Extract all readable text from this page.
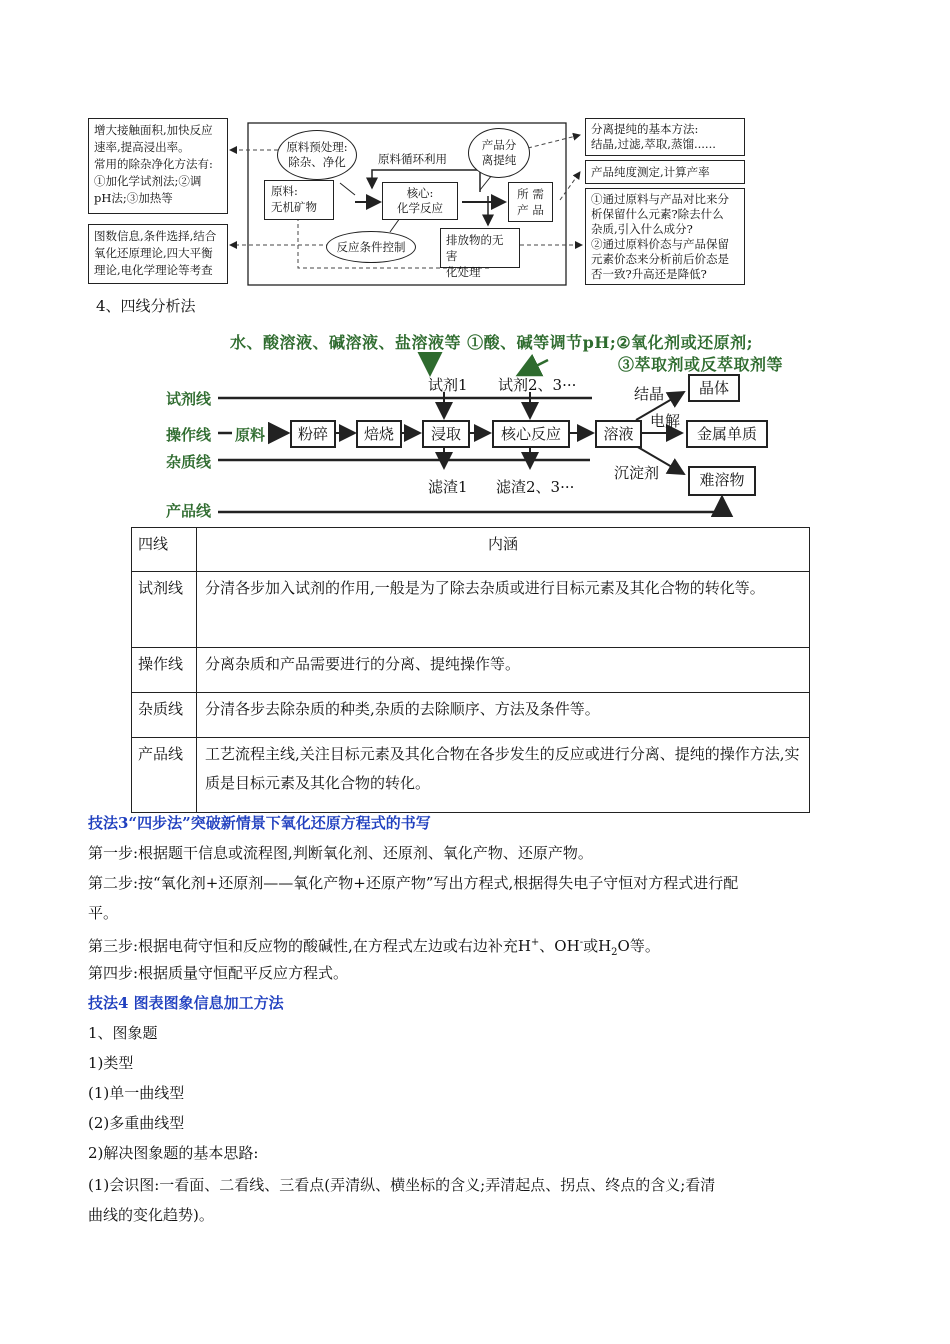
增大接触面积,加快反应
速率,提高浸出率。
常用的除杂净化方法有:
①加化学试剂法;②调
pH法;③加热等
图数信息,条件选择,结合
氧化还原理论,四大平衡
理论,电化学理论等考查
原料预处理:
除杂、净化	原料循环利用
产品分
离提纯
原料:
无机矿物
核心:
化学反应
所 需
产 品
反应条件控制	排放物的无害
化处理
分离提纯的基本方法:
结晶,过滤,萃取,蒸馏......
产品纯度测定,计算产率
①通过原料与产品对比来分
析保留什么元素?除去什么
杂质,引入什么成分?
②通过原料价态与产品保留
元素价态来分析前后价态是
否一致?升高还是降低?
4、四线分析法
水、酸溶液、碱溶液、盐溶液等 ①酸、碱等调节pH;②氧化剂或还原剂;
③萃取剂或反萃取剂等
试剂1 试剂2、3···
滤渣1 滤渣2、3···
试剂线
操作线
杂质线
产品线
原料	粉碎	焙烧	浸取	核心反应	溶液
结晶
电解
沉淀剂
晶体
金属单质
难溶物
四线	内涵
试剂线	分清各步加入试剂的作用,一般是为了除去杂质或进行目标元素及其化合物的转化等。
操作线	分离杂质和产品需要进行的分离、提纯操作等。
杂质线	分清各步去除杂质的种类,杂质的去除顺序、方法及条件等。
产品线	工艺流程主线,关注目标元素及其化合物在各步发生的反应或进行分离、提纯的操作方法,实质是目标元素及其化合物的转化。
技法3“四步法”突破新情景下氧化还原方程式的书写
第一步:根据题干信息或流程图,判断氧化剂、还原剂、氧化产物、还原产物。
第二步:按“氧化剂+还原剂——氧化产物+还原产物”写出方程式,根据得失电子守恒对方程式进行配
平。
第三步:根据电荷守恒和反应物的酸碱性,在方程式左边或右边补充H+、OH-或$H_2O$等。
第四步:根据质量守恒配平反应方程式。
技法4 图表图象信息加工方法
1、图象题
1)类型
(1)单一曲线型
(2)多重曲线型
2)解决图象题的基本思路:
(1)会识图:一看面、二看线、三看点(弄清纵、横坐标的含义;弄清起点、拐点、终点的含义;看清
曲线的变化趋势)。
